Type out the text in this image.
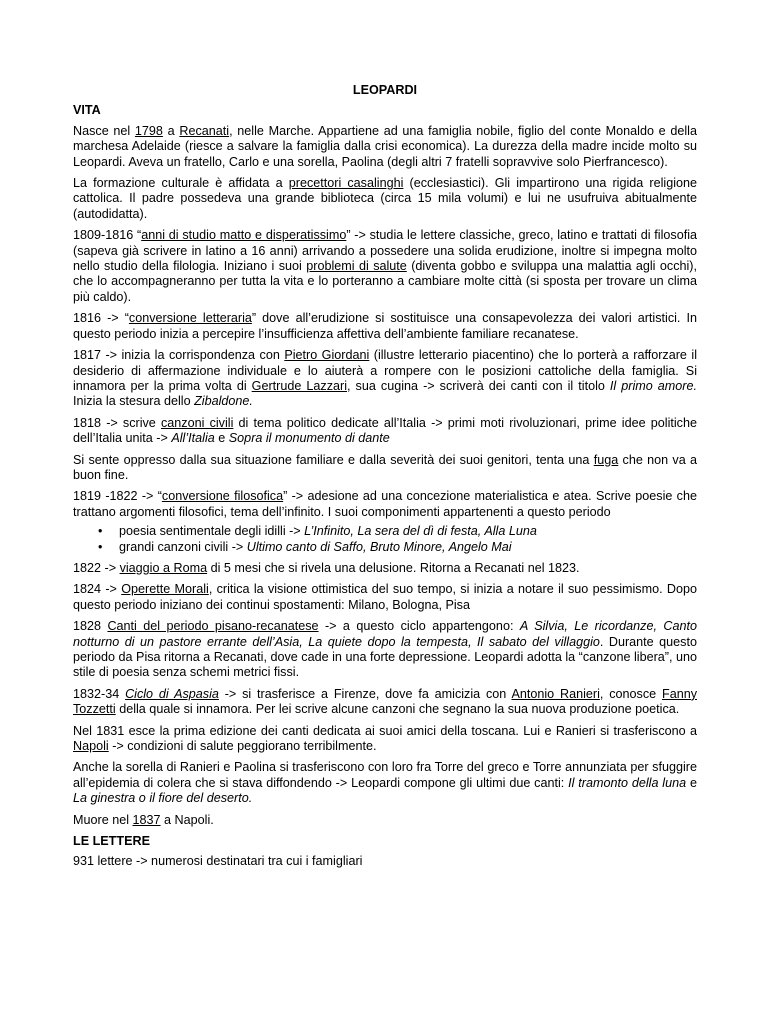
LEOPARDI
VITA

Nasce nel 1798 a Recanati, nelle Marche. Appartiene ad una famiglia nobile, figlio del conte Monaldo e della marchesa Adelaide (riesce a salvare la famiglia dalla crisi economica). La durezza della madre incide molto su Leopardi. Aveva un fratello, Carlo e una sorella, Paolina (degli altri 7 fratelli sopravvive solo Pierfrancesco).

La formazione culturale è affidata a precettori casalinghi (ecclesiastici). Gli impartirono una rigida religione cattolica. Il padre possedeva una grande biblioteca (circa 15 mila volumi) e lui ne usufruiva abitualmente (autodidatta).

1809-1816 “anni di studio matto e disperatissimo” -> studia le lettere classiche, greco, latino e trattati di filosofia (sapeva già scrivere in latino a 16 anni) arrivando a possedere una solida erudizione, inoltre si impegna molto nello studio della filologia. Iniziano i suoi problemi di salute (diventa gobbo e sviluppa una malattia agli occhi), che lo accompagneranno per tutta la vita e lo porteranno a cambiare molte città (si sposta per trovare un clima più caldo).

1816 -> “conversione letteraria” dove all’erudizione si sostituisce una consapevolezza dei valori artistici. In questo periodo inizia a percepire l’insufficienza affettiva dell’ambiente familiare recanatese.

1817 -> inizia la corrispondenza con Pietro Giordani (illustre letterario piacentino) che lo porterà a rafforzare il desiderio di affermazione individuale e lo aiuterà a rompere con le posizioni cattoliche della famiglia. Si innamora per la prima volta di Gertrude Lazzari, sua cugina -> scriverà dei canti con il titolo Il primo amore. Inizia la stesura dello Zibaldone.

1818 -> scrive canzoni civili di tema politico dedicate all’Italia -> primi moti rivoluzionari, prime idee politiche dell’Italia unita -> All’Italia e Sopra il monumento di dante

Si sente oppresso dalla sua situazione familiare e dalla severità dei suoi genitori, tenta una fuga che non va a buon fine.

1819 -1822 -> “conversione filosofica” -> adesione ad una concezione materialistica e atea. Scrive poesie che trattano argomenti filosofici, tema dell’infinito. I suoi componimenti appartenenti a questo periodo

• poesia sentimentale degli idilli -> L’Infinito, La sera del dì di festa, Alla Luna
• grandi canzoni civili -> Ultimo canto di Saffo, Bruto Minore, Angelo Mai

1822 -> viaggio a Roma di 5 mesi che si rivela una delusione. Ritorna a Recanati nel 1823.

1824 -> Operette Morali, critica la visione ottimistica del suo tempo, si inizia a notare il suo pessimismo. Dopo questo periodo iniziano dei continui spostamenti: Milano, Bologna, Pisa

1828 Canti del periodo pisano-recanatese -> a questo ciclo appartengono: A Silvia, Le ricordanze, Canto notturno di un pastore errante dell’Asia, La quiete dopo la tempesta, Il sabato del villaggio. Durante questo periodo da Pisa ritorna a Recanati, dove cade in una forte depressione. Leopardi adotta la “canzone libera”, uno stile di poesia senza schemi metrici fissi.

1832-34 Ciclo di Aspasia -> si trasferisce a Firenze, dove fa amicizia con Antonio Ranieri, conosce Fanny Tozzetti della quale si innamora. Per lei scrive alcune canzoni che segnano la sua nuova produzione poetica.

Nel 1831 esce la prima edizione dei canti dedicata ai suoi amici della toscana. Lui e Ranieri si trasferiscono a Napoli -> condizioni di salute peggiorano terribilmente.

Anche la sorella di Ranieri e Paolina si trasferiscono con loro fra Torre del greco e Torre annunziata per sfuggire all’epidemia di colera che si stava diffondendo -> Leopardi compone gli ultimi due canti: Il tramonto della luna e La ginestra o il fiore del deserto.

Muore nel 1837 a Napoli.

LE LETTERE

931 lettere -> numerosi destinatari tra cui i famigliari
